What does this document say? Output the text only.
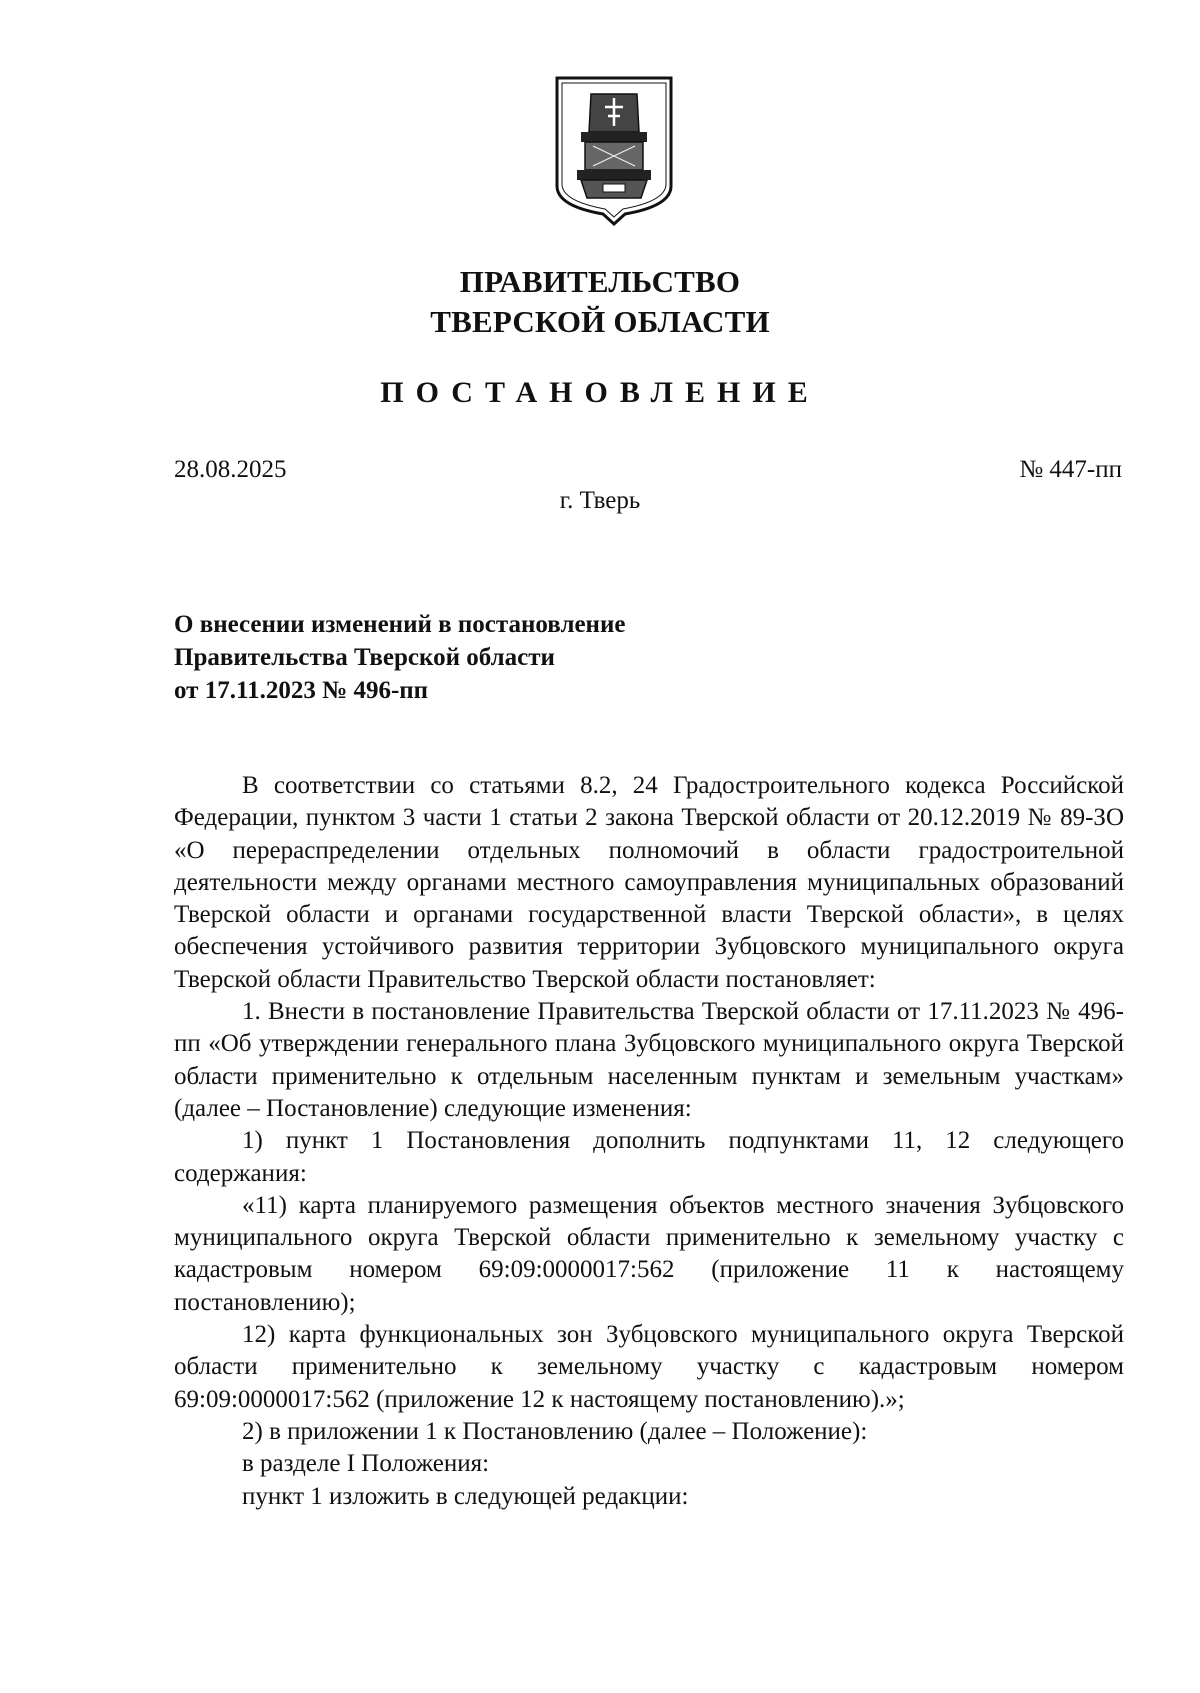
ПРАВИТЕЛЬСТВО
ТВЕРСКОЙ ОБЛАСТИ
ПОСТАНОВЛЕНИЕ
28.08.2025	№ 447-пп
г. Тверь
О внесении изменений в постановление
Правительства Тверской области
от 17.11.2023 № 496-пп

В соответствии со статьями 8.2, 24 Градостроительного кодекса Российской Федерации, пунктом 3 части 1 статьи 2 закона Тверской области от 20.12.2019 № 89-ЗО «О перераспределении отдельных полномочий в области градостроительной деятельности между органами местного самоуправления муниципальных образований Тверской области и органами государственной власти Тверской области», в целях обеспечения устойчивого развития территории Зубцовского муниципального округа Тверской области Правительство Тверской области постановляет:

1. Внести в постановление Правительства Тверской области от 17.11.2023 № 496-пп «Об утверждении генерального плана Зубцовского муниципального округа Тверской области применительно к отдельным населенным пунктам и земельным участкам» (далее – Постановление) следующие изменения:

1) пункт 1 Постановления дополнить подпунктами 11, 12 следующего содержания:

«11) карта планируемого размещения объектов местного значения Зубцовского муниципального округа Тверской области применительно к земельному участку с кадастровым номером 69:09:0000017:562 (приложение 11 к настоящему постановлению);

12) карта функциональных зон Зубцовского муниципального округа Тверской области применительно к земельному участку с кадастровым номером 69:09:0000017:562 (приложение 12 к настоящему постановлению).»;

2) в приложении 1 к Постановлению (далее – Положение):

в разделе I Положения:

пункт 1 изложить в следующей редакции:
